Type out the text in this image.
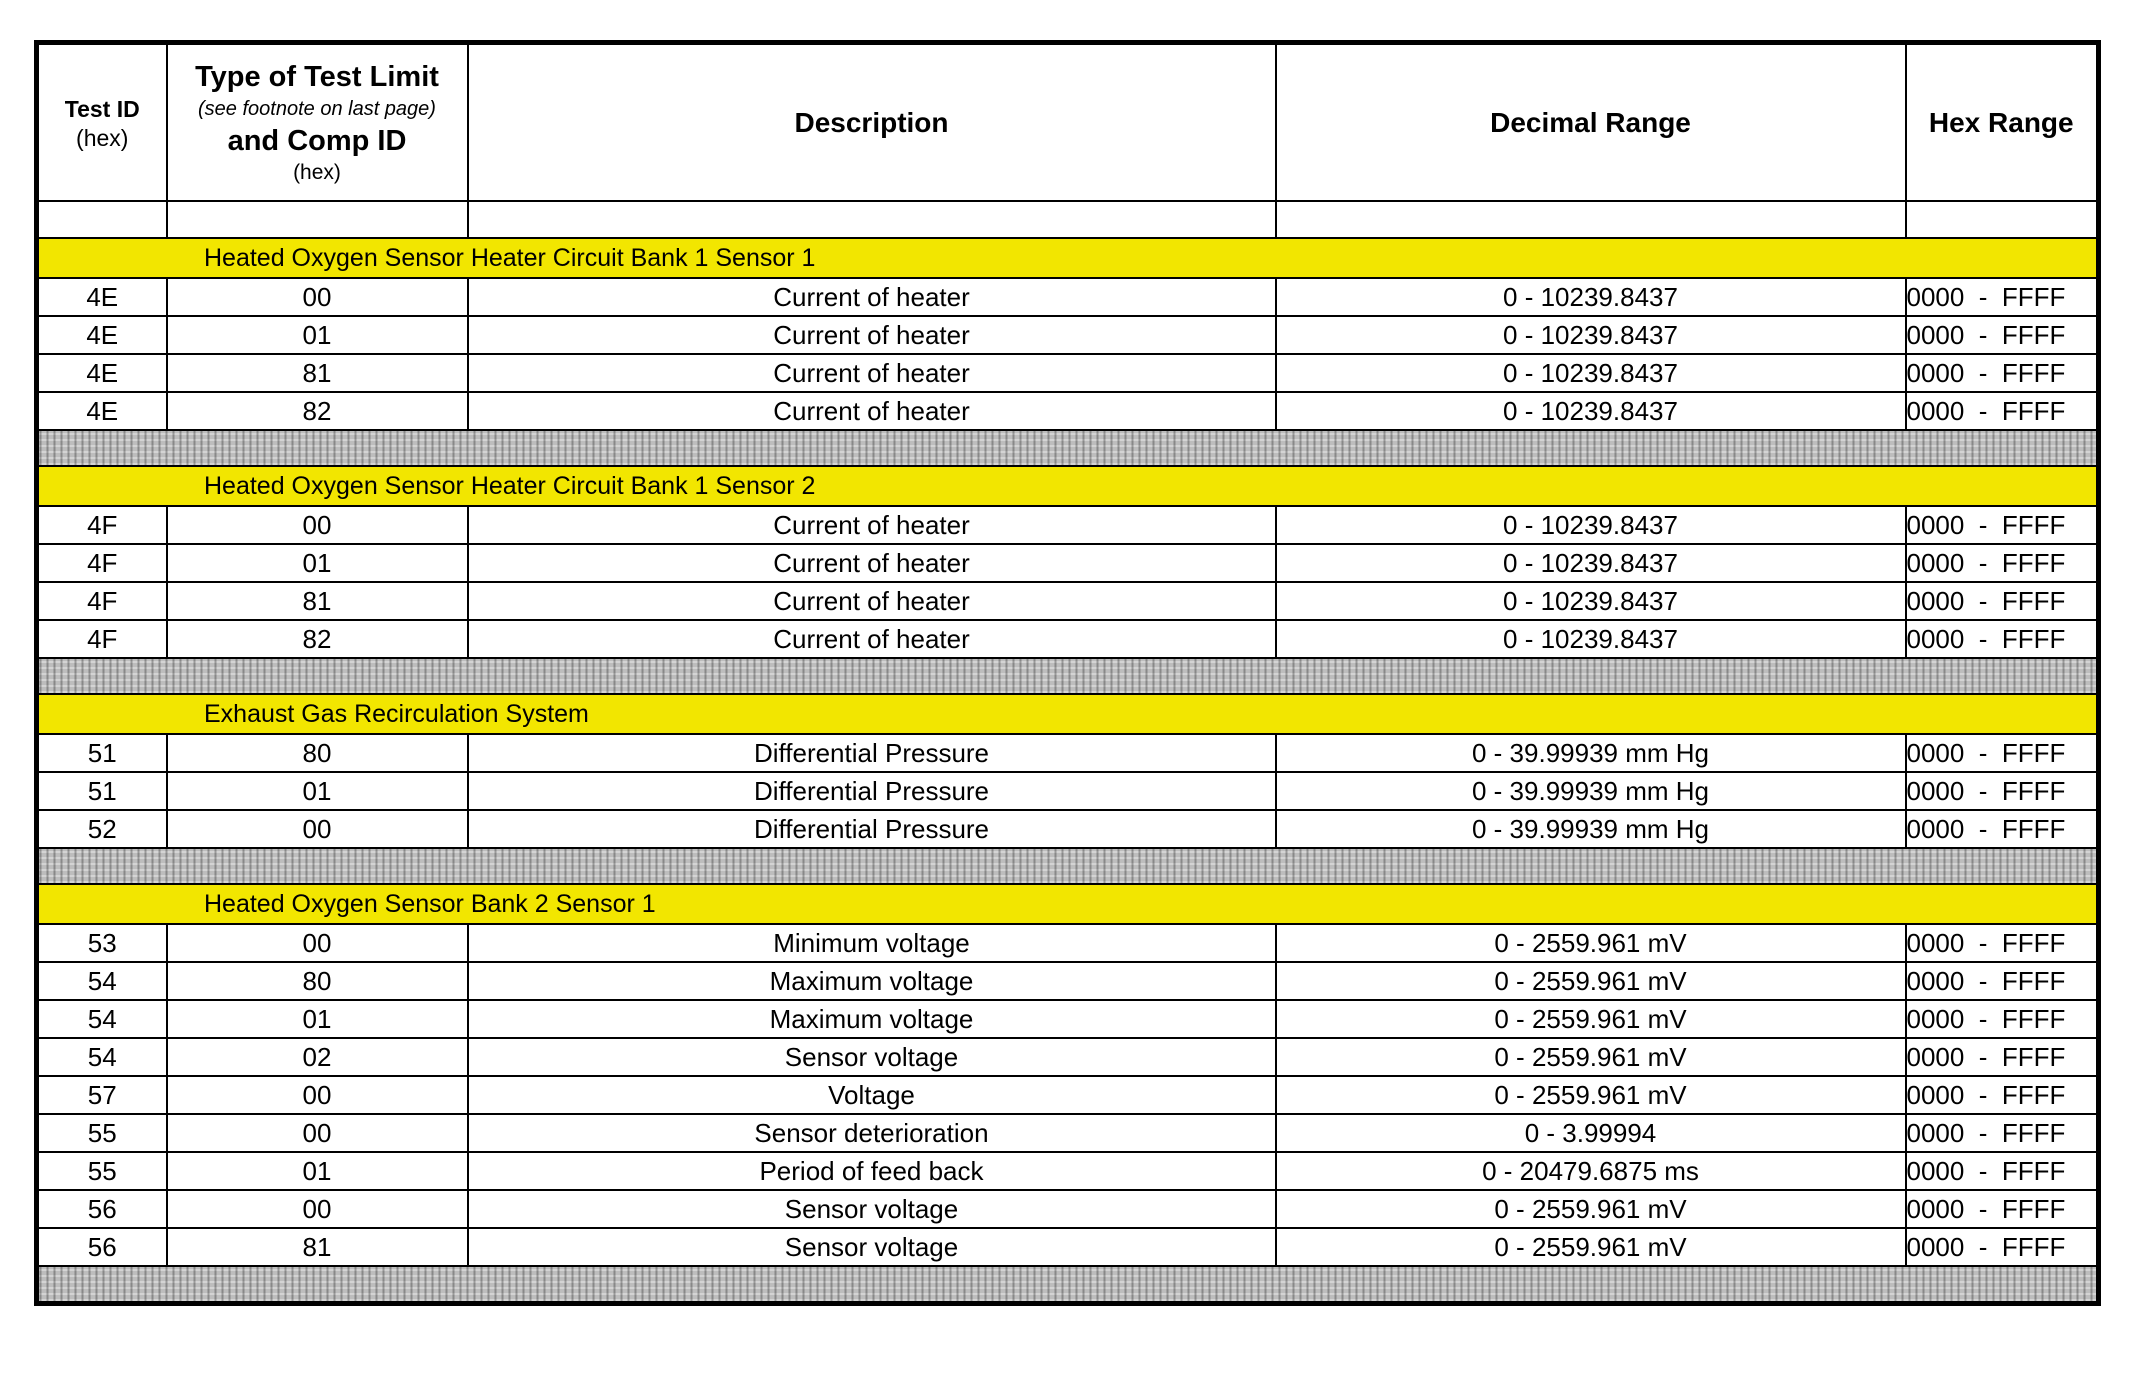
Test ID
(hex)	Type of Test Limit
(see footnote on last page)
and Comp ID
(hex)	Description	Decimal Range	Hex Range

Heated Oxygen Sensor Heater Circuit Bank 1 Sensor 1				
4E	00	Current of heater	0 - 10239.8437	0000  -  FFFF
4E	01	Current of heater	0 - 10239.8437	0000  -  FFFF
4E	81	Current of heater	0 - 10239.8437	0000  -  FFFF
4E	82	Current of heater	0 - 10239.8437	0000  -  FFFF

Heated Oxygen Sensor Heater Circuit Bank 1 Sensor 2				
4F	00	Current of heater	0 - 10239.8437	0000  -  FFFF
4F	01	Current of heater	0 - 10239.8437	0000  -  FFFF
4F	81	Current of heater	0 - 10239.8437	0000  -  FFFF
4F	82	Current of heater	0 - 10239.8437	0000  -  FFFF

Exhaust Gas Recirculation System				
51	80	Differential Pressure	0 - 39.99939 mm Hg	0000  -  FFFF
51	01	Differential Pressure	0 - 39.99939 mm Hg	0000  -  FFFF
52	00	Differential Pressure	0 - 39.99939 mm Hg	0000  -  FFFF

Heated Oxygen Sensor Bank 2 Sensor 1				
53	00	Minimum voltage	0 - 2559.961 mV	0000  -  FFFF
54	80	Maximum voltage	0 - 2559.961 mV	0000  -  FFFF
54	01	Maximum voltage	0 - 2559.961 mV	0000  -  FFFF
54	02	Sensor voltage	0 - 2559.961 mV	0000  -  FFFF
57	00	Voltage	0 - 2559.961 mV	0000  -  FFFF
55	00	Sensor deterioration	0 - 3.99994	0000  -  FFFF
55	01	Period of feed back	0 - 20479.6875 ms	0000  -  FFFF
56	00	Sensor voltage	0 - 2559.961 mV	0000  -  FFFF
56	81	Sensor voltage	0 - 2559.961 mV	0000  -  FFFF
